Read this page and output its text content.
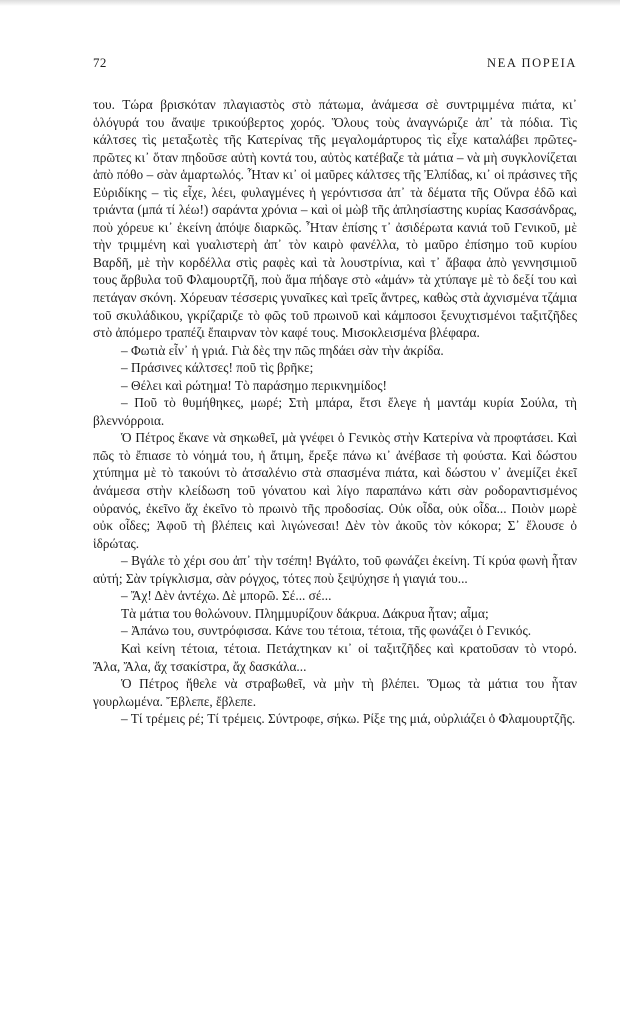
72	ΝΕΑ ΠΟΡΕΙΑ

του. Τώρα βρισκόταν πλαγιαστὸς στὸ πάτωμα, ἀνάμεσα σὲ συντριμμένα πιάτα, κι᾿ ὁλόγυρά του ἄναψε τρικούβερτος χορός. Ὅλους τοὺς ἀναγνώριζε ἀπ᾿ τὰ πόδια. Τὶς κάλτσες τὶς μεταξωτὲς τῆς Κατερίνας τῆς μεγαλομάρτυρος τὶς εἶχε καταλάβει πρῶτες-πρῶτες κι᾿ ὅταν πηδοῦσε αὐτὴ κοντά του, αὐτὸς κατέβαζε τὰ μάτια – νὰ μὴ συγκλονίζεται ἀπὸ πόθο – σὰν ἁμαρτωλός. Ἦταν κι᾿ οἱ μαῦρες κάλτσες τῆς Ἐλπίδας, κι᾿ οἱ πράσινες τῆς Εὐριδίκης – τὶς εἶχε, λέει, φυλαγμένες ἡ γερόντισσα ἀπ᾿ τὰ δέματα τῆς Οὔνρα ἐδῶ καὶ τριάντα (μπά τί λέω!) σαράντα χρόνια – καὶ οἱ μὼβ τῆς ἀπλησίαστης κυρίας Κασσάνδρας, ποὺ χόρευε κι᾿ ἐκείνη ἀπόψε διαρκῶς. Ἦταν ἐπίσης τ᾿ ἀσιδέρωτα κανιά τοῦ Γενικοῦ, μὲ τὴν τριμμένη καὶ γυαλιστερὴ ἀπ᾿ τὸν καιρὸ φανέλλα, τὸ μαῦρο ἐπίσημο τοῦ κυρίου Βαρδῆ, μὲ τὴν κορδέλλα στὶς ραφὲς καὶ τὰ λουστρίνια, καὶ τ᾿ ἄβαφα ἀπὸ γεννησιμιοῦ τους ἄρβυλα τοῦ Φλαμουρτζῆ, ποὺ ἅμα πήδαγε στὸ «ἀμάν» τὰ χτύπαγε μὲ τὸ δεξί του καὶ πετάγαν σκόνη. Χόρευαν τέσσερις γυναῖκες καὶ τρεῖς ἄντρες, καθὼς στὰ ἀχνισμένα τζάμια τοῦ σκυλάδικου, γκρίζαριζε τὸ φῶς τοῦ πρωινοῦ καὶ κάμποσοι ξενυχτισμένοι ταξιτζῆδες στὸ ἀπόμερο τραπέζι ἔπαιρναν τὸν καφέ τους. Μισοκλεισμένα βλέφαρα.

– Φωτιὰ εἶν᾿ ἡ γριά. Γιὰ δὲς την πῶς πηδάει σὰν τὴν ἀκρίδα.

– Πράσινες κάλτσες! ποῦ τὶς βρῆκε;

– Θέλει καὶ ρώτημα! Τὸ παράσημο περικνημίδος!

– Ποῦ τὸ θυμήθηκες, μωρέ; Στὴ μπάρα, ἔτσι ἔλεγε ἡ μαντάμ κυρία Σούλα, τὴ βλεννόρροια.

Ὁ Πέτρος ἔκανε νὰ σηκωθεῖ, μὰ γνέφει ὁ Γενικὸς στὴν Κατερίνα νὰ προφτάσει. Καὶ πῶς τὸ ἔπιασε τὸ νόημά του, ἡ ἄτιμη, ἔρεξε πάνω κι᾿ ἀνέβασε τὴ φούστα. Καὶ δώστου χτύπημα μὲ τὸ τακούνι τὸ ἀτσαλένιο στὰ σπασμένα πιάτα, καὶ δώστου ν᾿ ἀνεμίζει ἐκεῖ ἀνάμεσα στὴν κλείδωση τοῦ γόνατου καὶ λίγο παραπάνω κάτι σὰν ροδοραντισμένος οὐρανός, ἐκεῖνο ἄχ ἐκεῖνο τὸ πρωινὸ τῆς προδοσίας. Οὐκ οἶδα, οὐκ οἶδα... Ποιὸν μωρὲ οὐκ οἶδες; Ἀφοῦ τὴ βλέπεις καὶ λιγώνεσαι! Δὲν τὸν ἀκοῦς τὸν κόκορα; Σ᾿ ἔλουσε ὁ ἱδρώτας.

– Βγάλε τὸ χέρι σου ἀπ᾿ τὴν τσέπη! Βγάλτο, τοῦ φωνάζει ἐκείνη. Τί κρύα φωνὴ ἦταν αὐτή; Σὰν τρίγκλισμα, σὰν ρόγχος, τότες ποὺ ξεψύχησε ἡ γιαγιά του...

– Ἄχ! Δὲν ἀντέχω. Δὲ μπορῶ. Σέ... σέ...

Τὰ μάτια του θολώνουν. Πλημμυρίζουν δάκρυα. Δάκρυα ἦταν; αἷμα;

– Ἀπάνω του, συντρόφισσα. Κάνε του τέτοια, τέτοια, τῆς φωνάζει ὁ Γενικός.

Καὶ κείνη τέτοια, τέτοια. Πετάχτηκαν κι᾿ οἱ ταξιτζῆδες καὶ κρατοῦσαν τὸ ντορό. Ἄλα, Ἄλα, ἄχ τσακίστρα, ἄχ δασκάλα...

Ὁ Πέτρος ἤθελε νὰ στραβωθεῖ, νὰ μὴν τὴ βλέπει. Ὅμως τὰ μάτια του ἦταν γουρλωμένα. Ἔβλεπε, ἔβλεπε.

– Τί τρέμεις ρέ; Τί τρέμεις. Σύντροφε, σήκω. Ρίξε της μιά, οὐρλιάζει ὁ Φλαμουρτζῆς.
